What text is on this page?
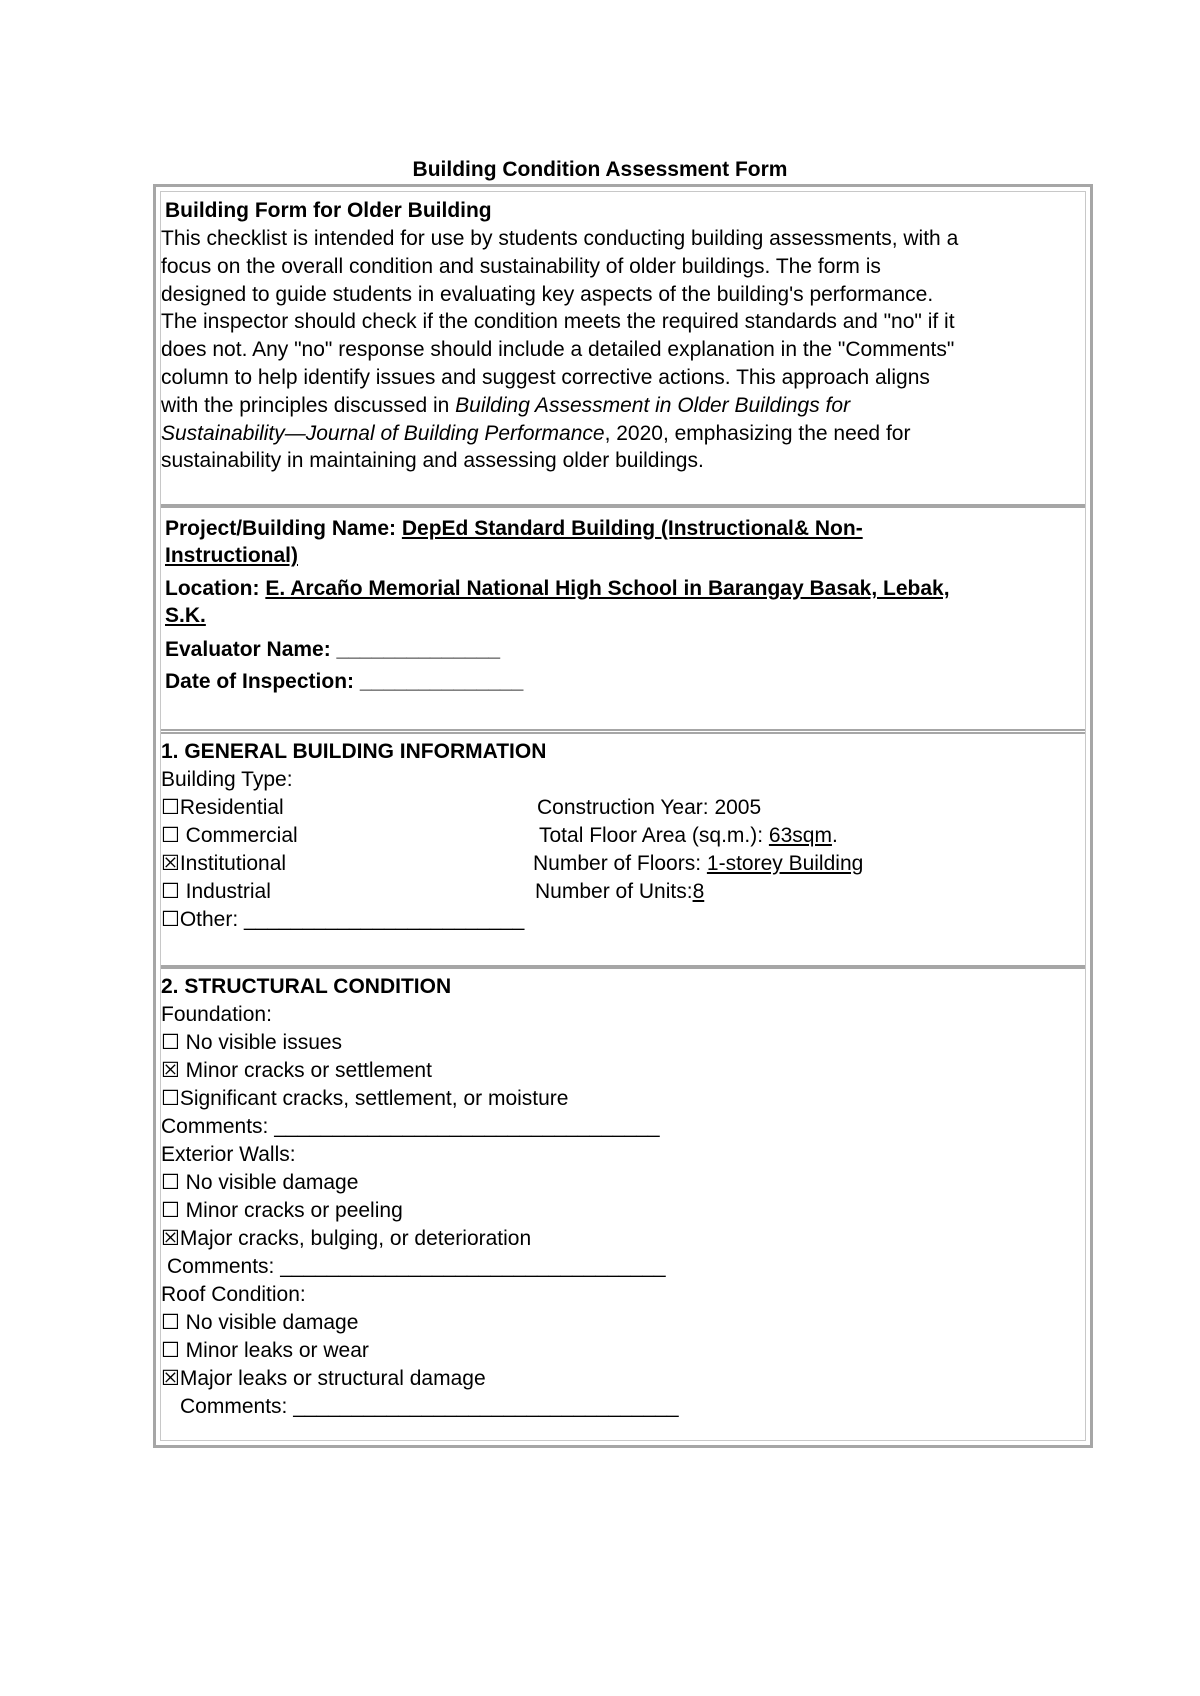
Building Condition Assessment Form
Building Form for Older Building
This checklist is intended for use by students conducting building assessments, with a
focus on the overall condition and sustainability of older buildings. The form is
designed to guide students in evaluating key aspects of the building's performance.
The inspector should check if the condition meets the required standards and "no" if it
does not. Any "no" response should include a detailed explanation in the "Comments"
column to help identify issues and suggest corrective actions. This approach aligns
with the principles discussed in Building Assessment in Older Buildings for
Sustainability—Journal of Building Performance, 2020, emphasizing the need for
sustainability in maintaining and assessing older buildings.
Project/Building Name: DepEd Standard Building (Instructional& Non-
Instructional)
Location: E. Arcaño Memorial National High School in Barangay Basak, Lebak,
S.K.
Evaluator Name: ______________
Date of Inspection: ______________
1. GENERAL BUILDING INFORMATION
Building Type:
☐Residential
☐ Commercial
☒Institutional
☐ Industrial
☐Other: ________________________
Construction Year: 2005
Total Floor Area (sq.m.): 63sqm.
Number of Floors: 1-storey Building
Number of Units:8
2. STRUCTURAL CONDITION
Foundation:
☐ No visible issues
☒ Minor cracks or settlement
☐Significant cracks, settlement, or moisture
Comments: _________________________________
Exterior Walls:
☐ No visible damage
☐ Minor cracks or peeling
☒Major cracks, bulging, or deterioration
Comments: _________________________________
Roof Condition:
☐ No visible damage
☐ Minor leaks or wear
☒Major leaks or structural damage
Comments: _________________________________
